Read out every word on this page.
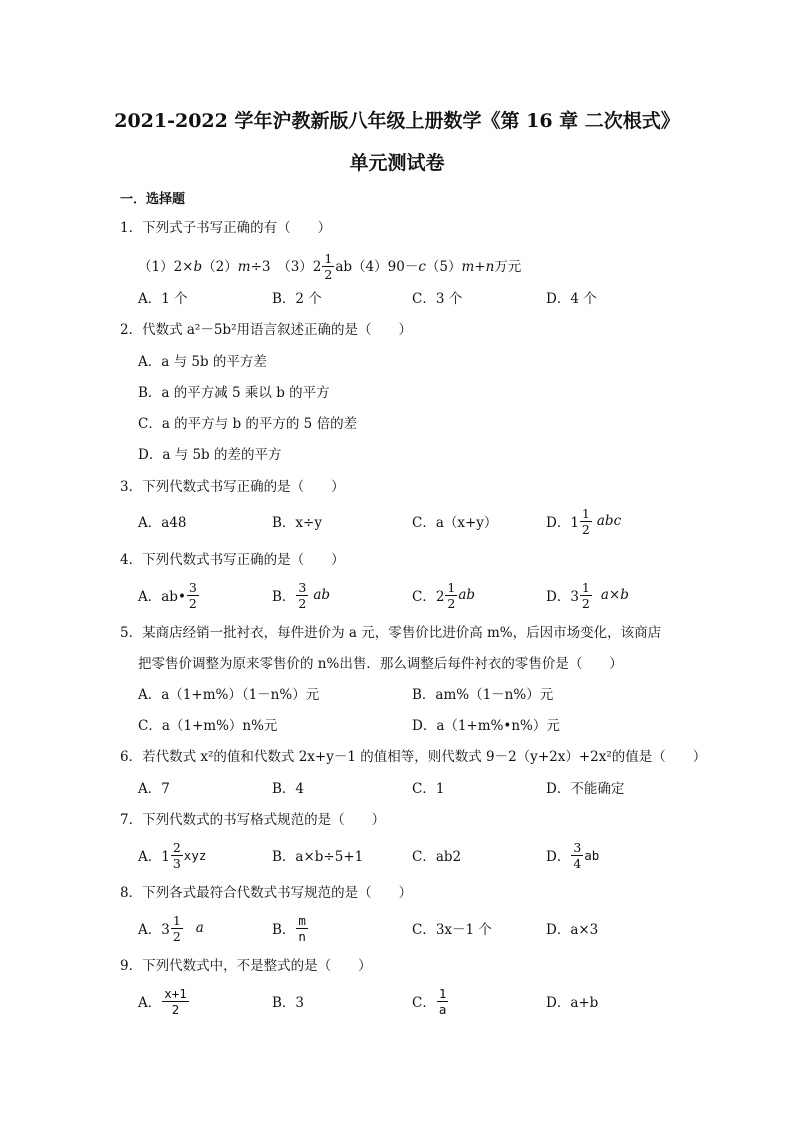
2021-2022 学年沪教新版八年级上册数学《第 16 章 二次根式》
单元测试卷
一．选择题
1．下列式子书写正确的有（　　）
（1）2× b （2） m ÷3　$(3)2 \frac{1}{2} ab(4)90- c$ （5） m+n 万元
A．1 个	B．2 个	C．3 个	D．4 个
2．代数式 a²－5b²用语言叙述正确的是（　　）
A．a 与 5b 的平方差
B．a 的平方减 5 乘以 b 的平方
C．a 的平方与 b 的平方的 5 倍的差
D．a 与 5b 的差的平方
3．下列代数式书写正确的是（　　）
A．a48	B．x÷y	C．a（x+y）	D．$1 \frac{1}{2}$ abc
4．下列代数式书写正确的是（　　）
A．ab• $\frac{3}{2}$	B． $\frac{3}{2}$ ab	C．$2 \frac{1}{2}$ ab	D．$3 \frac{1}{2} a\times b$
5．某商店经销一批衬衣，每件进价为 a 元，零售价比进价高 m%，后因市场变化，该商店
把零售价调整为原来零售价的 n%出售．那么调整后每件衬衣的零售价是（　　）
A．a（1+m%）（1－n%）元	B．am%（1－n%）元
C．a（1+m%）n%元	D．a（1+m%•n%）元
6．若代数式 x²的值和代数式 2x+y－1 的值相等，则代数式 9－2（y+2x）+2x²的值是（　　）
A．7	B．4	C．1	D．不能确定
7．下列代数式的书写格式规范的是（　　）
A．$1 \frac{2}{3}$ xyz	B．a×b÷5+1	C．ab2	D． $\frac{3}{4}$ ab
8．下列各式最符合代数式书写规范的是（　　）
A．$3 \frac{1}{2}$ a	B． $\frac{m}{n}$	C．3x－1 个	D．a×3
9．下列代数式中，不是整式的是（　　）
A． $\frac{x+1}{2}$	B．3	C． $\frac{1}{a}$	D．a+b
